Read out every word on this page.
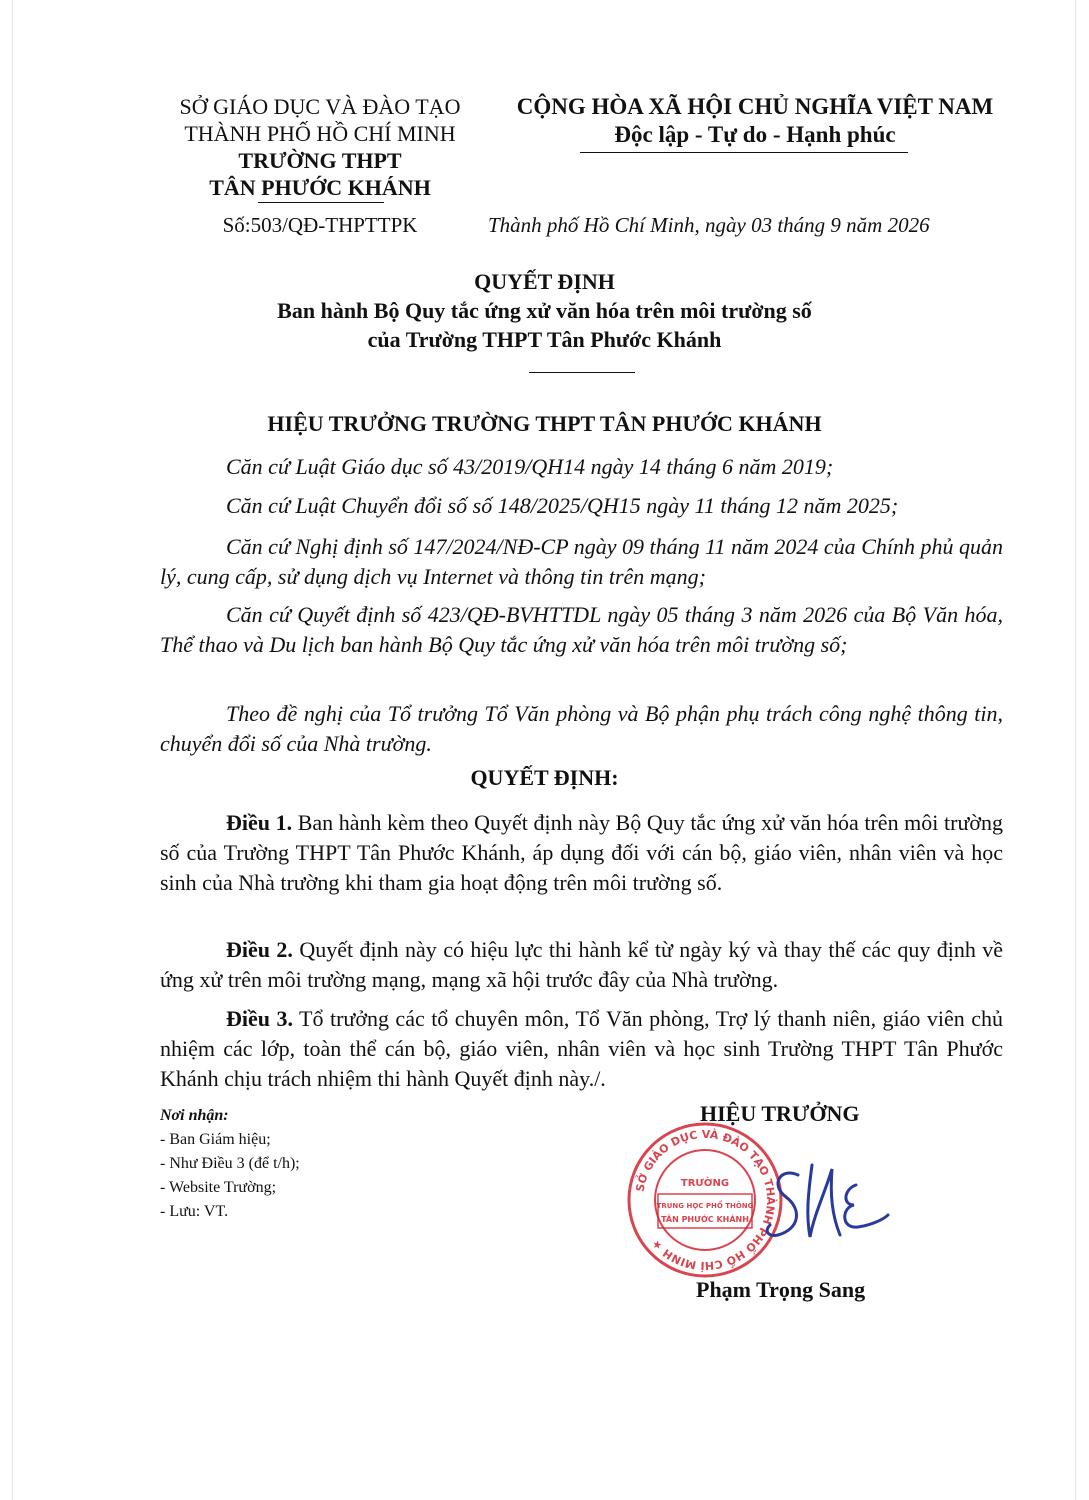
SỞ GIÁO DỤC VÀ ĐÀO TẠO
THÀNH PHỐ HỒ CHÍ MINH
TRƯỜNG THPT
TÂN PHƯỚC KHÁNH
CỘNG HÒA XÃ HỘI CHỦ NGHĨA VIỆT NAM
Độc lập - Tự do - Hạnh phúc
Số:503/QĐ-THPTTPK	Thành phố Hồ Chí Minh, ngày 03 tháng 9 năm 2026
QUYẾT ĐỊNH
Ban hành Bộ Quy tắc ứng xử văn hóa trên môi trường số
của Trường THPT Tân Phước Khánh
HIỆU TRƯỞNG TRƯỜNG THPT TÂN PHƯỚC KHÁNH
Căn cứ Luật Giáo dục số 43/2019/QH14 ngày 14 tháng 6 năm 2019;
Căn cứ Luật Chuyển đổi số số 148/2025/QH15 ngày 11 tháng 12 năm 2025;
Căn cứ Nghị định số 147/2024/NĐ-CP ngày 09 tháng 11 năm 2024 của Chính phủ quản lý, cung cấp, sử dụng dịch vụ Internet và thông tin trên mạng;
Căn cứ Quyết định số 423/QĐ-BVHTTDL ngày 05 tháng 3 năm 2026 của Bộ Văn hóa, Thể thao và Du lịch ban hành Bộ Quy tắc ứng xử văn hóa trên môi trường số;
Theo đề nghị của Tổ trưởng Tổ Văn phòng và Bộ phận phụ trách công nghệ thông tin, chuyển đổi số của Nhà trường.
QUYẾT ĐỊNH:
Điều 1. Ban hành kèm theo Quyết định này Bộ Quy tắc ứng xử văn hóa trên môi trường số của Trường THPT Tân Phước Khánh, áp dụng đối với cán bộ, giáo viên, nhân viên và học sinh của Nhà trường khi tham gia hoạt động trên môi trường số.
Điều 2. Quyết định này có hiệu lực thi hành kể từ ngày ký và thay thế các quy định về ứng xử trên môi trường mạng, mạng xã hội trước đây của Nhà trường.
Điều 3. Tổ trưởng các tổ chuyên môn, Tổ Văn phòng, Trợ lý thanh niên, giáo viên chủ nhiệm các lớp, toàn thể cán bộ, giáo viên, nhân viên và học sinh Trường THPT Tân Phước Khánh chịu trách nhiệm thi hành Quyết định này./.
Nơi nhận:
- Ban Giám hiệu;
- Như Điều 3 (để t/h);
- Website Trường;
- Lưu: VT.
HIỆU TRƯỞNG
SỞ GIÁO DỤC VÀ ĐÀO TẠO THÀNH PHỐ HỒ CHÍ MINH ★
TRƯỜNG
TRUNG HỌC PHỔ THÔNG
TÂN PHƯỚC KHÁNH
Phạm Trọng Sang
